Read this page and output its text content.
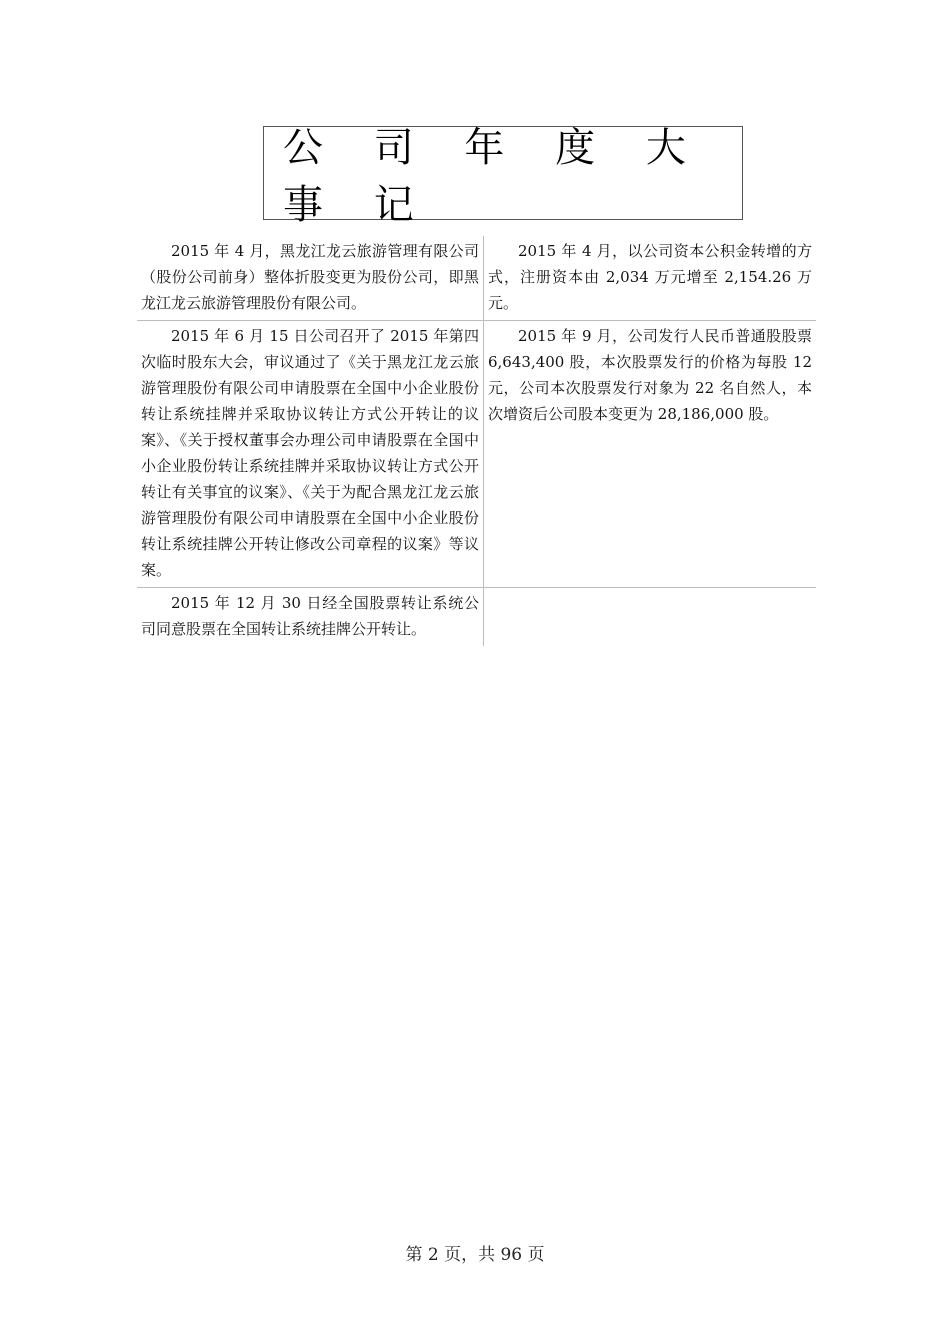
公 司 年 度 大 事 记
2015 年 4 月，黑龙江龙云旅游管理有限公司（股份公司前身）整体折股变更为股份公司，即黑龙江龙云旅游管理股份有限公司。	2015 年 4 月，以公司资本公积金转增的方式，注册资本由 2,034 万元增至 2,154.26 万元。
2015 年 6 月 15 日公司召开了 2015 年第四次临时股东大会，审议通过了《关于黑龙江龙云旅游管理股份有限公司申请股票在全国中小企业股份转让系统挂牌并采取协议转让方式公开转让的议案》、《关于授权董事会办理公司申请股票在全国中小企业股份转让系统挂牌并采取协议转让方式公开转让有关事宜的议案》、《关于为配合黑龙江龙云旅游管理股份有限公司申请股票在全国中小企业股份转让系统挂牌公开转让修改公司章程的议案》等议案。	2015 年 9 月，公司发行人民币普通股股票 6,643,400 股，本次股票发行的价格为每股 12 元，公司本次股票发行对象为 22 名自然人，本次增资后公司股本变更为 28,186,000 股。
2015 年 12 月 30 日经全国股票转让系统公司同意股票在全国转让系统挂牌公开转让。	
第 2 页，共 96 页
